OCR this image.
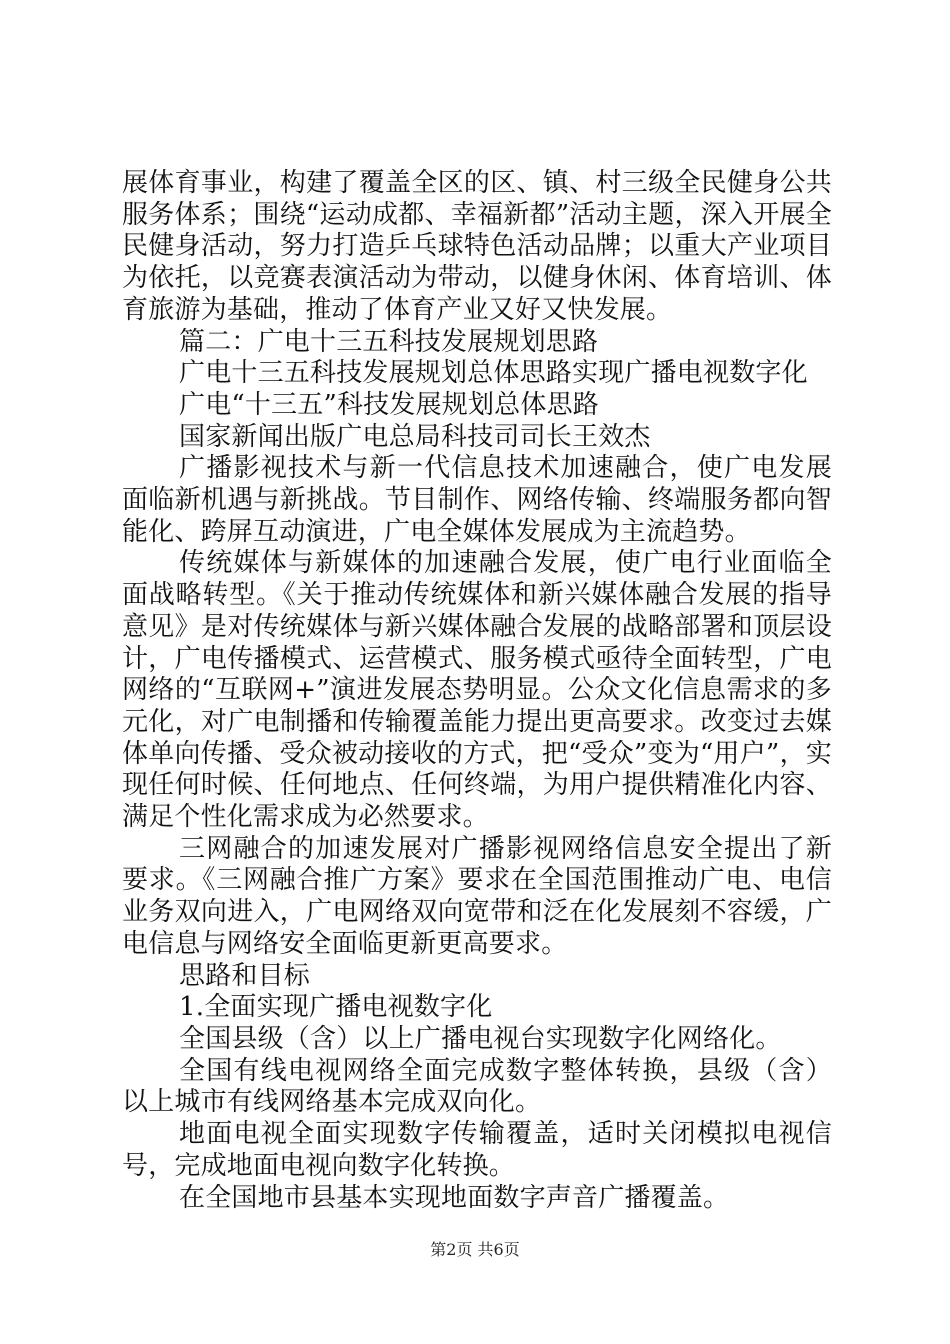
展体育事业，构建了覆盖全区的区、镇、村三级全民健身公共服务体系；围绕“运动成都、幸福新都”活动主题，深入开展全民健身活动，努力打造乒乓球特色活动品牌；以重大产业项目为依托，以竞赛表演活动为带动，以健身休闲、体育培训、体育旅游为基础，推动了体育产业又好又快发展。

篇二：广电十三五科技发展规划思路

广电十三五科技发展规划总体思路实现广播电视数字化

广电“十三五”科技发展规划总体思路

国家新闻出版广电总局科技司司长王效杰

广播影视技术与新一代信息技术加速融合，使广电发展面临新机遇与新挑战。节目制作、网络传输、终端服务都向智能化、跨屏互动演进，广电全媒体发展成为主流趋势。

传统媒体与新媒体的加速融合发展，使广电行业面临全面战略转型。《关于推动传统媒体和新兴媒体融合发展的指导意见》是对传统媒体与新兴媒体融合发展的战略部署和顶层设计，广电传播模式、运营模式、服务模式亟待全面转型，广电网络的“互联网+”演进发展态势明显。公众文化信息需求的多元化，对广电制播和传输覆盖能力提出更高要求。改变过去媒体单向传播、受众被动接收的方式，把“受众”变为“用户”，实现任何时候、任何地点、任何终端，为用户提供精准化内容、满足个性化需求成为必然要求。

三网融合的加速发展对广播影视网络信息安全提出了新要求。《三网融合推广方案》要求在全国范围推动广电、电信业务双向进入，广电网络双向宽带和泛在化发展刻不容缓，广电信息与网络安全面临更新更高要求。

思路和目标

1.全面实现广播电视数字化

全国县级（含）以上广播电视台实现数字化网络化。

全国有线电视网络全面完成数字整体转换，县级（含）以上城市有线网络基本完成双向化。

地面电视全面实现数字传输覆盖，适时关闭模拟电视信号，完成地面电视向数字化转换。

在全国地市县基本实现地面数字声音广播覆盖。

第2页 共6页
